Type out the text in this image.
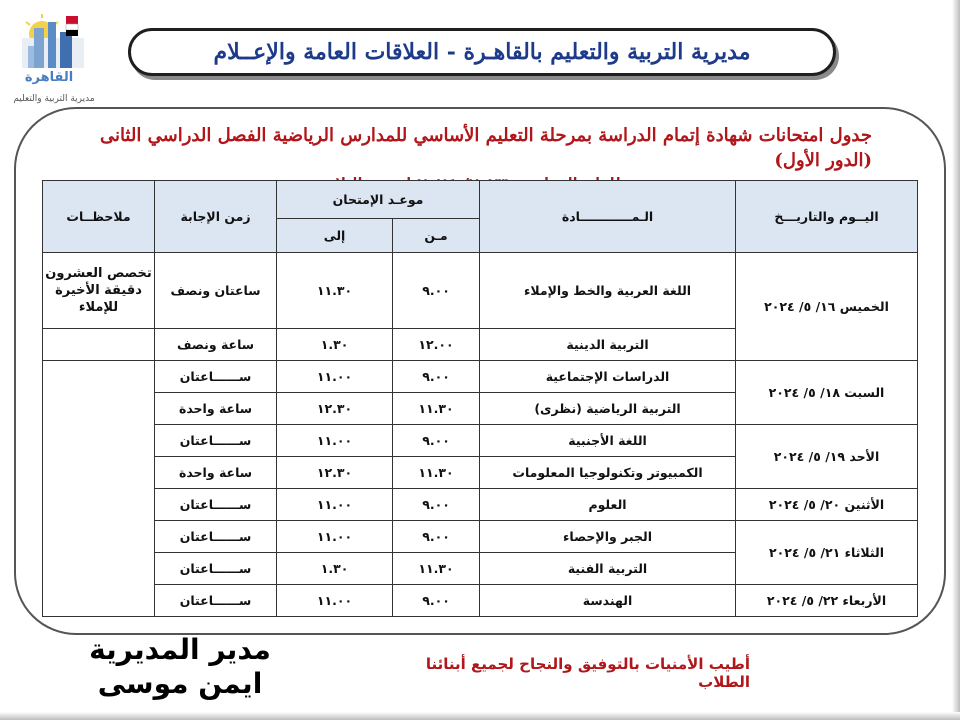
القاهرة
مديرية التربية والتعليم
مديرية التربية والتعليم بالقاهـرة - العلاقات العامة والإعــلام
جدول امتحانات شهادة إتمام الدراسة بمرحلة التعليم الأساسي للمدارس الرياضية الفصل الدراسي الثانى (الدور الأول)
اليــوم والتاريـــخ	الـمــــــــــــادة	موعـد الإمتحان		زمن الإجابة	ملاحظــات
		مـن	إلى		
الخميس ١٦/ ٥/ ٢٠٢٤	اللغة العربية والخط والإملاء	٩.٠٠	١١.٣٠	ساعتان ونصف	تخصص العشرون دقيقة الأخيرة للإملاء
	التربية الدينية	١٢.٠٠	١.٣٠	ساعة ونصف	
السبت ١٨/ ٥/ ٢٠٢٤	الدراسات الإجتماعية	٩.٠٠	١١.٠٠	ســــــاعتان	
	التربية الرياضية (نظرى)	١١.٣٠	١٢.٣٠	ساعة واحدة	
الأحد ١٩/ ٥/ ٢٠٢٤	اللغة الأجنبية	٩.٠٠	١١.٠٠	ســــــاعتان	
	الكمبيوتر وتكنولوجيا المعلومات	١١.٣٠	١٢.٣٠	ساعة واحدة	
الأثنين ٢٠/ ٥/ ٢٠٢٤	العلوم	٩.٠٠	١١.٠٠	ســــــاعتان	
الثلاثاء ٢١/ ٥/ ٢٠٢٤	الجبر والإحصاء	٩.٠٠	١١.٠٠	ســــــاعتان	
	التربية الفنية	١١.٣٠	١.٣٠	ســــــاعتان	
الأربعاء ٢٢/ ٥/ ٢٠٢٤	الهندسة	٩.٠٠	١١.٠٠	ســــــاعتان	
أطيب الأمنيات بالتوفيق والنجاح لجميع أبنائنا الطلاب
مدير المديرية
ايمن موسى
